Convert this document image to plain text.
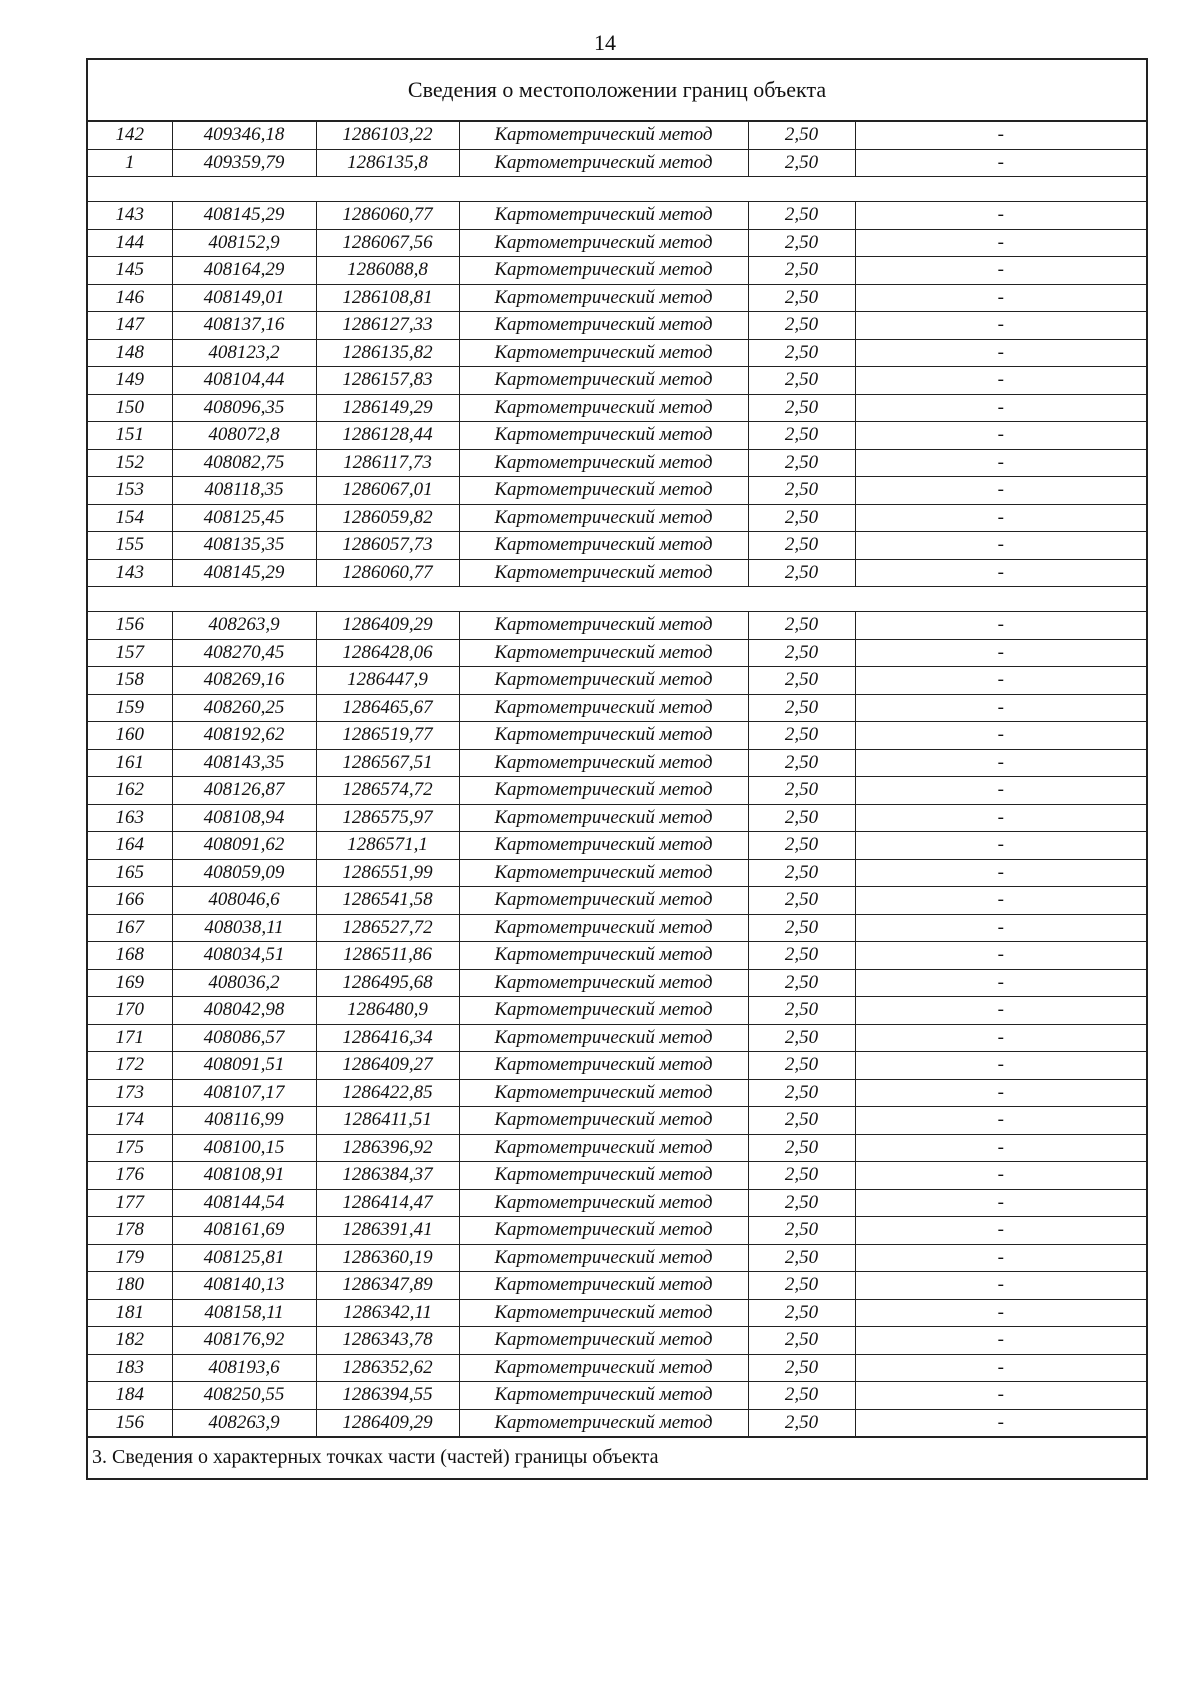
14
Сведения о местоположении границ объекта
142	409346,18	1286103,22	Картометрический метод	2,50	-
1	409359,79	1286135,8	Картометрический метод	2,50	-

143	408145,29	1286060,77	Картометрический метод	2,50	-
144	408152,9	1286067,56	Картометрический метод	2,50	-
145	408164,29	1286088,8	Картометрический метод	2,50	-
146	408149,01	1286108,81	Картометрический метод	2,50	-
147	408137,16	1286127,33	Картометрический метод	2,50	-
148	408123,2	1286135,82	Картометрический метод	2,50	-
149	408104,44	1286157,83	Картометрический метод	2,50	-
150	408096,35	1286149,29	Картометрический метод	2,50	-
151	408072,8	1286128,44	Картометрический метод	2,50	-
152	408082,75	1286117,73	Картометрический метод	2,50	-
153	408118,35	1286067,01	Картометрический метод	2,50	-
154	408125,45	1286059,82	Картометрический метод	2,50	-
155	408135,35	1286057,73	Картометрический метод	2,50	-
143	408145,29	1286060,77	Картометрический метод	2,50	-

156	408263,9	1286409,29	Картометрический метод	2,50	-
157	408270,45	1286428,06	Картометрический метод	2,50	-
158	408269,16	1286447,9	Картометрический метод	2,50	-
159	408260,25	1286465,67	Картометрический метод	2,50	-
160	408192,62	1286519,77	Картометрический метод	2,50	-
161	408143,35	1286567,51	Картометрический метод	2,50	-
162	408126,87	1286574,72	Картометрический метод	2,50	-
163	408108,94	1286575,97	Картометрический метод	2,50	-
164	408091,62	1286571,1	Картометрический метод	2,50	-
165	408059,09	1286551,99	Картометрический метод	2,50	-
166	408046,6	1286541,58	Картометрический метод	2,50	-
167	408038,11	1286527,72	Картометрический метод	2,50	-
168	408034,51	1286511,86	Картометрический метод	2,50	-
169	408036,2	1286495,68	Картометрический метод	2,50	-
170	408042,98	1286480,9	Картометрический метод	2,50	-
171	408086,57	1286416,34	Картометрический метод	2,50	-
172	408091,51	1286409,27	Картометрический метод	2,50	-
173	408107,17	1286422,85	Картометрический метод	2,50	-
174	408116,99	1286411,51	Картометрический метод	2,50	-
175	408100,15	1286396,92	Картометрический метод	2,50	-
176	408108,91	1286384,37	Картометрический метод	2,50	-
177	408144,54	1286414,47	Картометрический метод	2,50	-
178	408161,69	1286391,41	Картометрический метод	2,50	-
179	408125,81	1286360,19	Картометрический метод	2,50	-
180	408140,13	1286347,89	Картометрический метод	2,50	-
181	408158,11	1286342,11	Картометрический метод	2,50	-
182	408176,92	1286343,78	Картометрический метод	2,50	-
183	408193,6	1286352,62	Картометрический метод	2,50	-
184	408250,55	1286394,55	Картометрический метод	2,50	-
156	408263,9	1286409,29	Картометрический метод	2,50	-
3. Сведения о характерных точках части (частей) границы объекта
